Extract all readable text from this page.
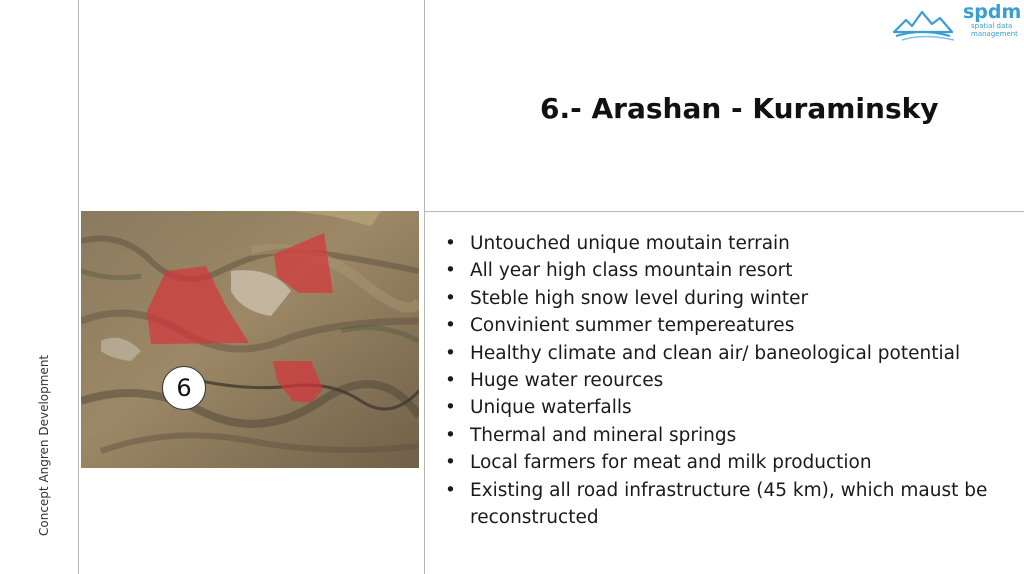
Concept Angren Development
spdm
spatial data
management
6.- Arashan - Kuraminsky
6
• Untouched unique moutain terrain
• All year high class mountain resort
• Steble high snow level during winter
• Convinient summer tempereatures
• Healthy climate and clean air/ baneological potential
• Huge water reources
• Unique waterfalls
• Thermal and mineral springs
• Local farmers for meat and milk production
• Existing all road infrastructure (45 km), which maust be reconstructed
